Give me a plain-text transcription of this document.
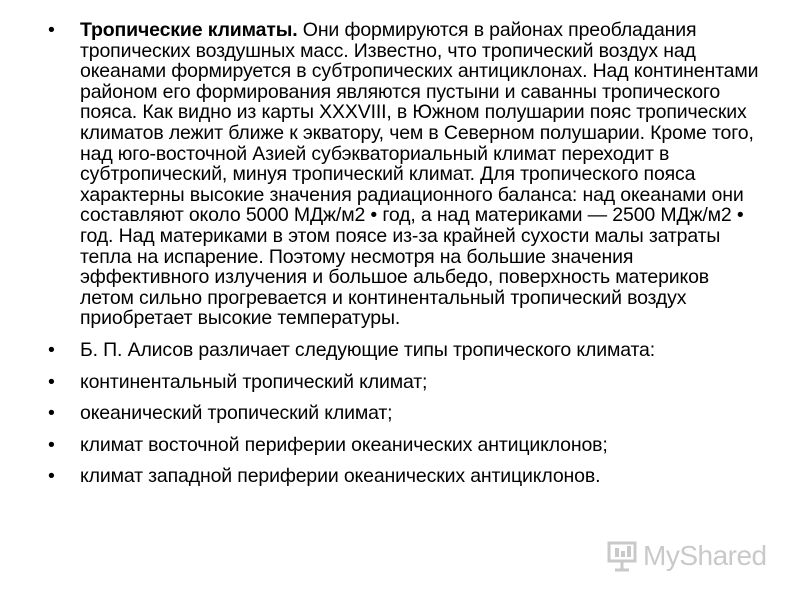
• Тропические климаты. Они формируются в районах преобладания тропических воздушных масс. Известно, что тропический воздух над океанами формируется в субтропических антициклонах. Над континентами районом его формирования являются пустыни и саванны тропического пояса. Как видно из карты XXXVIII, в Южном полушарии пояс тропических климатов лежит ближе к экватору, чем в Северном полушарии. Кроме того, над юго-восточной Азией субэкваториальный климат переходит в субтропический, минуя тропический климат. Для тропического пояса характерны высокие значения радиационного баланса: над океанами они составляют около 5000 МДж/м2 • год, а над материками — 2500 МДж/м2 • год. Над материками в этом поясе из-за крайней сухости малы затраты тепла на испарение. Поэтому несмотря на большие значения эффективного излучения и большое альбедо, поверхность материков летом сильно прогревается и континентальный тропический воздух приобретает высокие температуры.
• Б. П. Алисов различает следующие типы тропического климата:
• континентальный тропический климат;
• океанический тропический климат;
• климат восточной периферии океанических антициклонов;
• климат западной периферии океанических антициклонов.
MyShared
